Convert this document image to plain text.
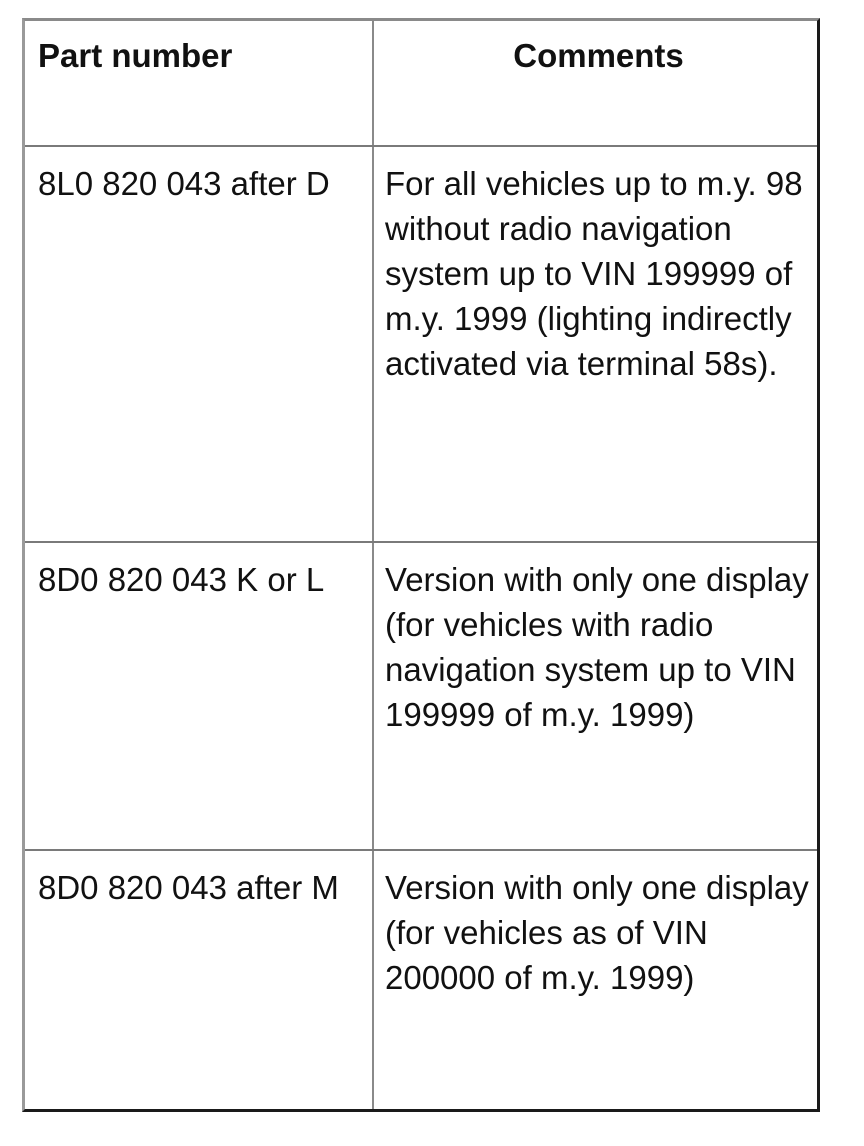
Part number	Comments
8L0 820 043 after D	For all vehicles up to m.y. 98 without radio navigation system up to VIN 199999 of m.y. 1999 (lighting indirectly activated via terminal 58s).
8D0 820 043 K or L	Version with only one display (for vehicles with radio navigation system up to VIN 199999 of m.y. 1999)
8D0 820 043 after M	Version with only one display (for vehicles as of VIN 200000 of m.y. 1999)
